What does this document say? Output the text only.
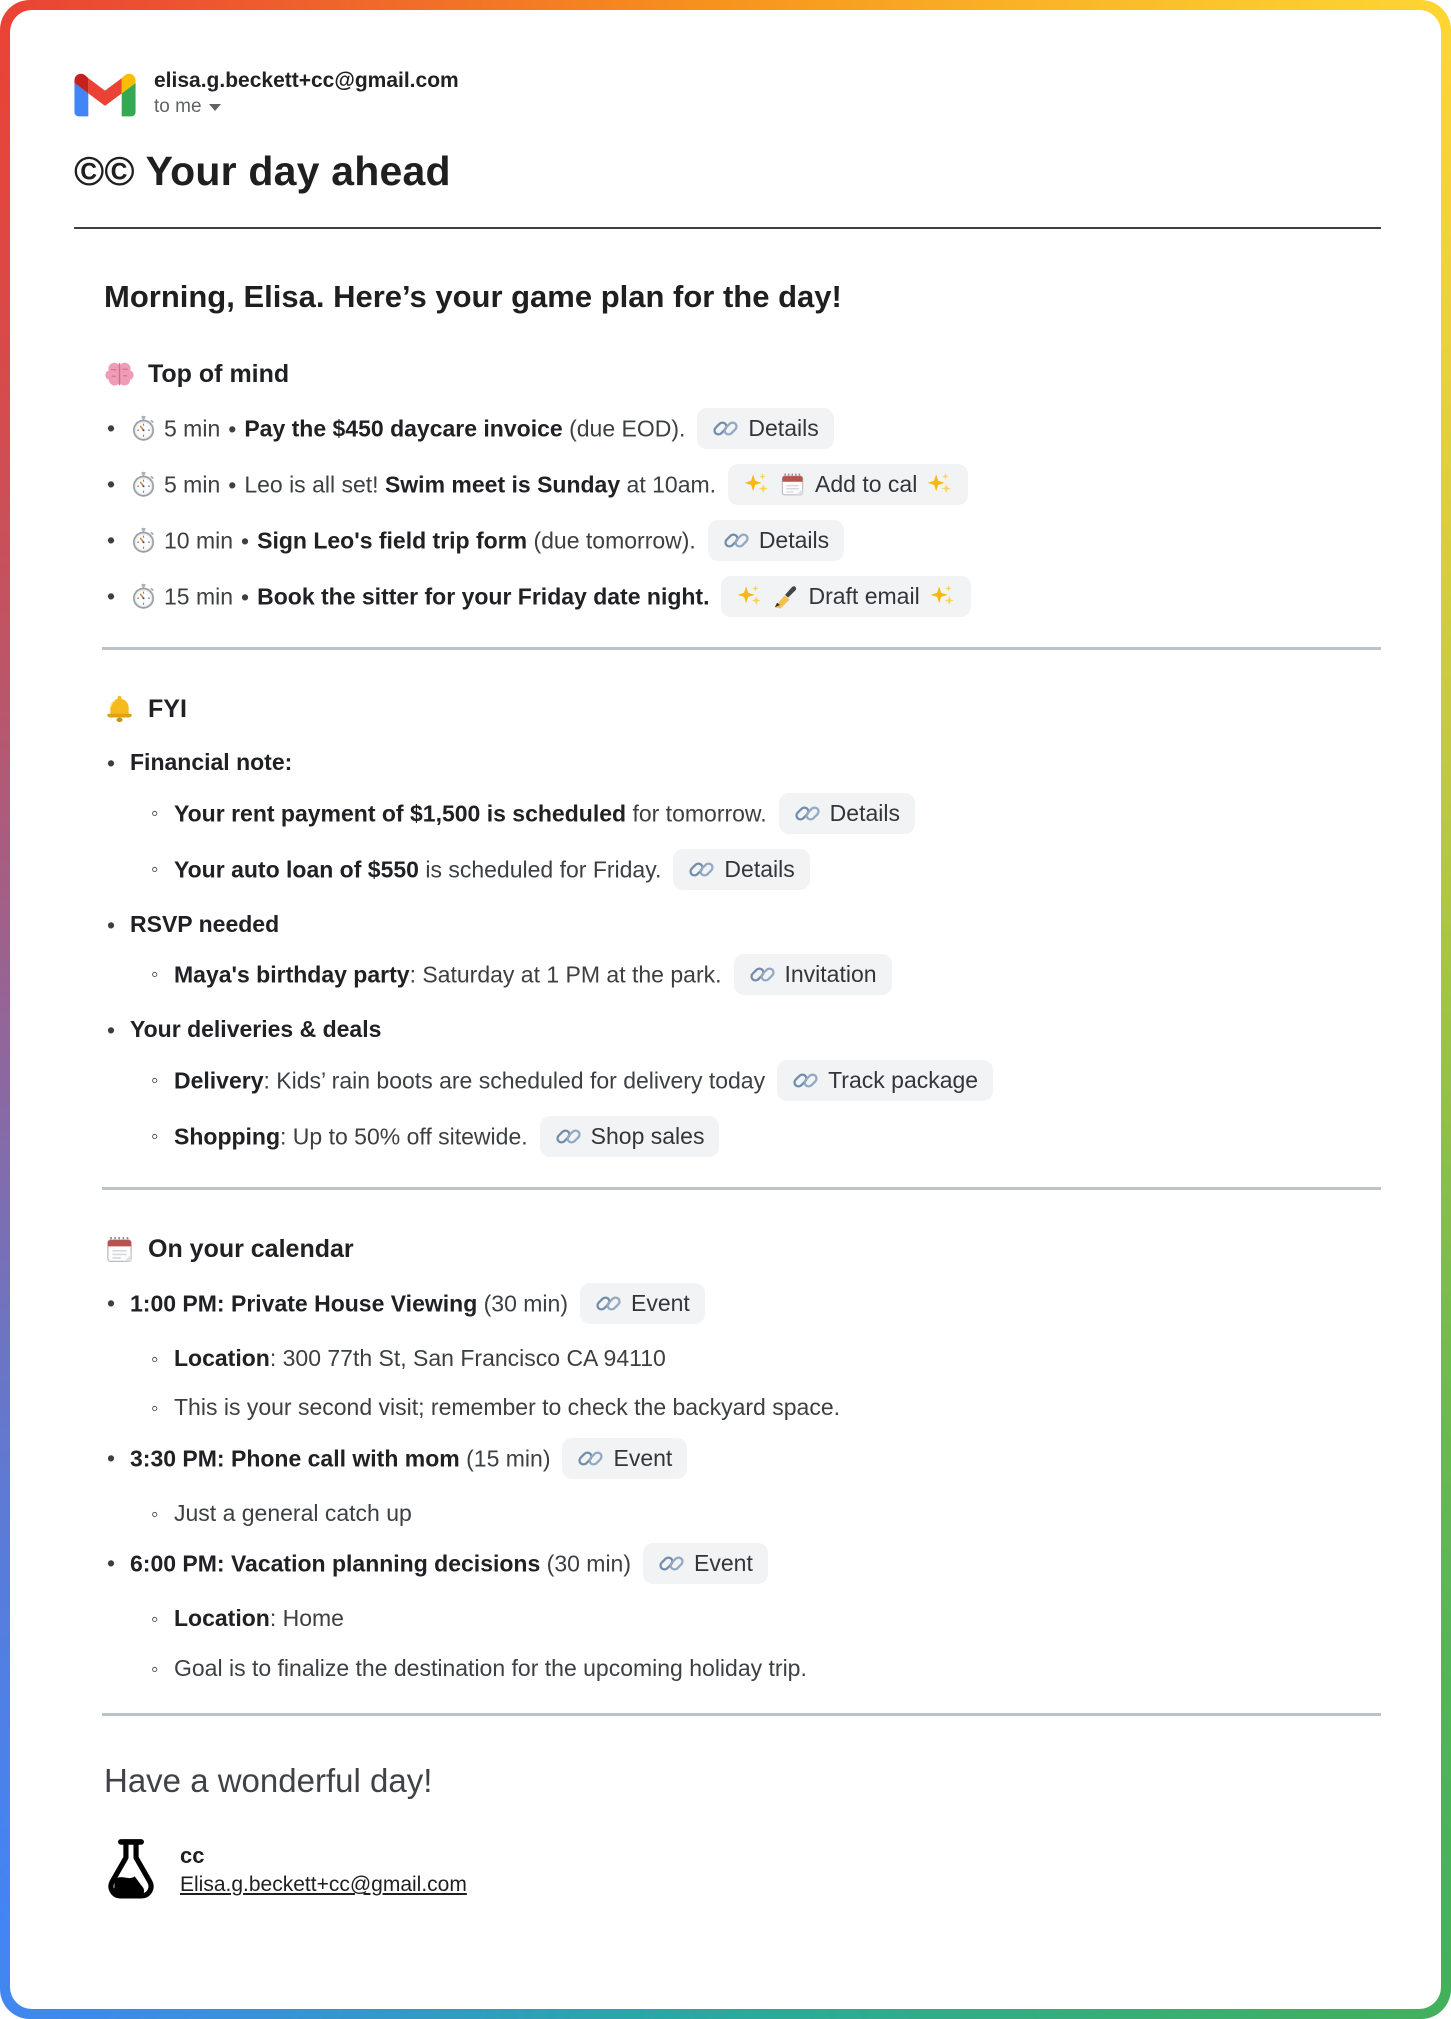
elisa.g.beckett+cc@gmail.com
to me
©© Your day ahead
Morning, Elisa. Here’s your game plan for the day!
Top of mind
• 5 min • Pay the $450 daycare invoice (due EOD).	Details
• 5 min • Leo is all set! Swim meet is Sunday at 10am.	Add to cal
• 10 min • Sign Leo's field trip form (due tomorrow).	Details
• 15 min • Book the sitter for your Friday date night.	Draft email
FYI
• Financial note:
◦ Your rent payment of $1,500 is scheduled for tomorrow.	Details
◦ Your auto loan of $550 is scheduled for Friday.	Details
• RSVP needed
◦ Maya's birthday party: Saturday at 1 PM at the park.	Invitation
• Your deliveries & deals
◦ Delivery: Kids’ rain boots are scheduled for delivery today	Track package
◦ Shopping: Up to 50% off sitewide.	Shop sales
On your calendar
• 1:00 PM: Private House Viewing (30 min)	Event
◦ Location: 300 77th St, San Francisco CA 94110
◦ This is your second visit; remember to check the backyard space.
• 3:30 PM: Phone call with mom (15 min)	Event
◦ Just a general catch up
• 6:00 PM: Vacation planning decisions (30 min)	Event
◦ Location: Home
◦ Goal is to finalize the destination for the upcoming holiday trip.
Have a wonderful day!
cc
Elisa.g.beckett+cc@gmail.com
